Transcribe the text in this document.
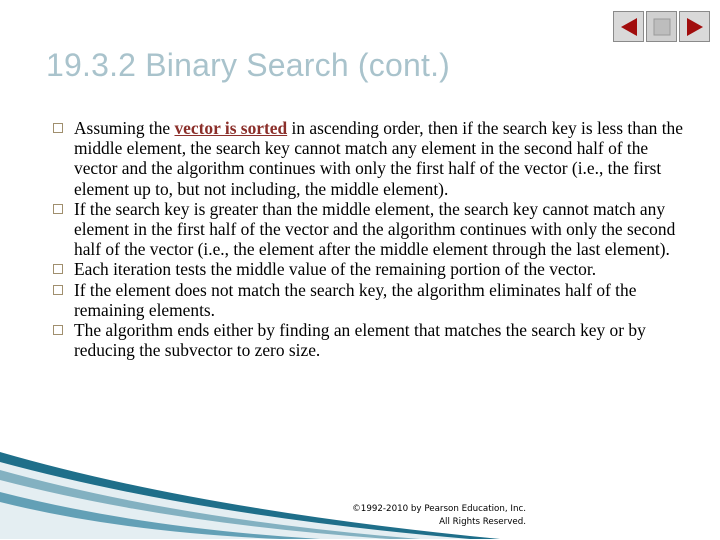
19.3.2 Binary Search (cont.)
Assuming the vector is sorted in ascending order, then if the search key is less than the middle element, the search key cannot match any element in the second half of the vector and the algorithm continues with only the first half of the vector (i.e., the first element up to, but not including, the middle element).
If the search key is greater than the middle element, the search key cannot match any element in the first half of the vector and the algorithm continues with only the second half of the vector (i.e., the element after the middle element through the last element).
Each iteration tests the middle value of the remaining portion of the vector.
If the element does not match the search key, the algorithm eliminates half of the remaining elements.
The algorithm ends either by finding an element that matches the search key or by reducing the subvector to zero size.
©1992-2010 by Pearson Education, Inc.
All Rights Reserved.
